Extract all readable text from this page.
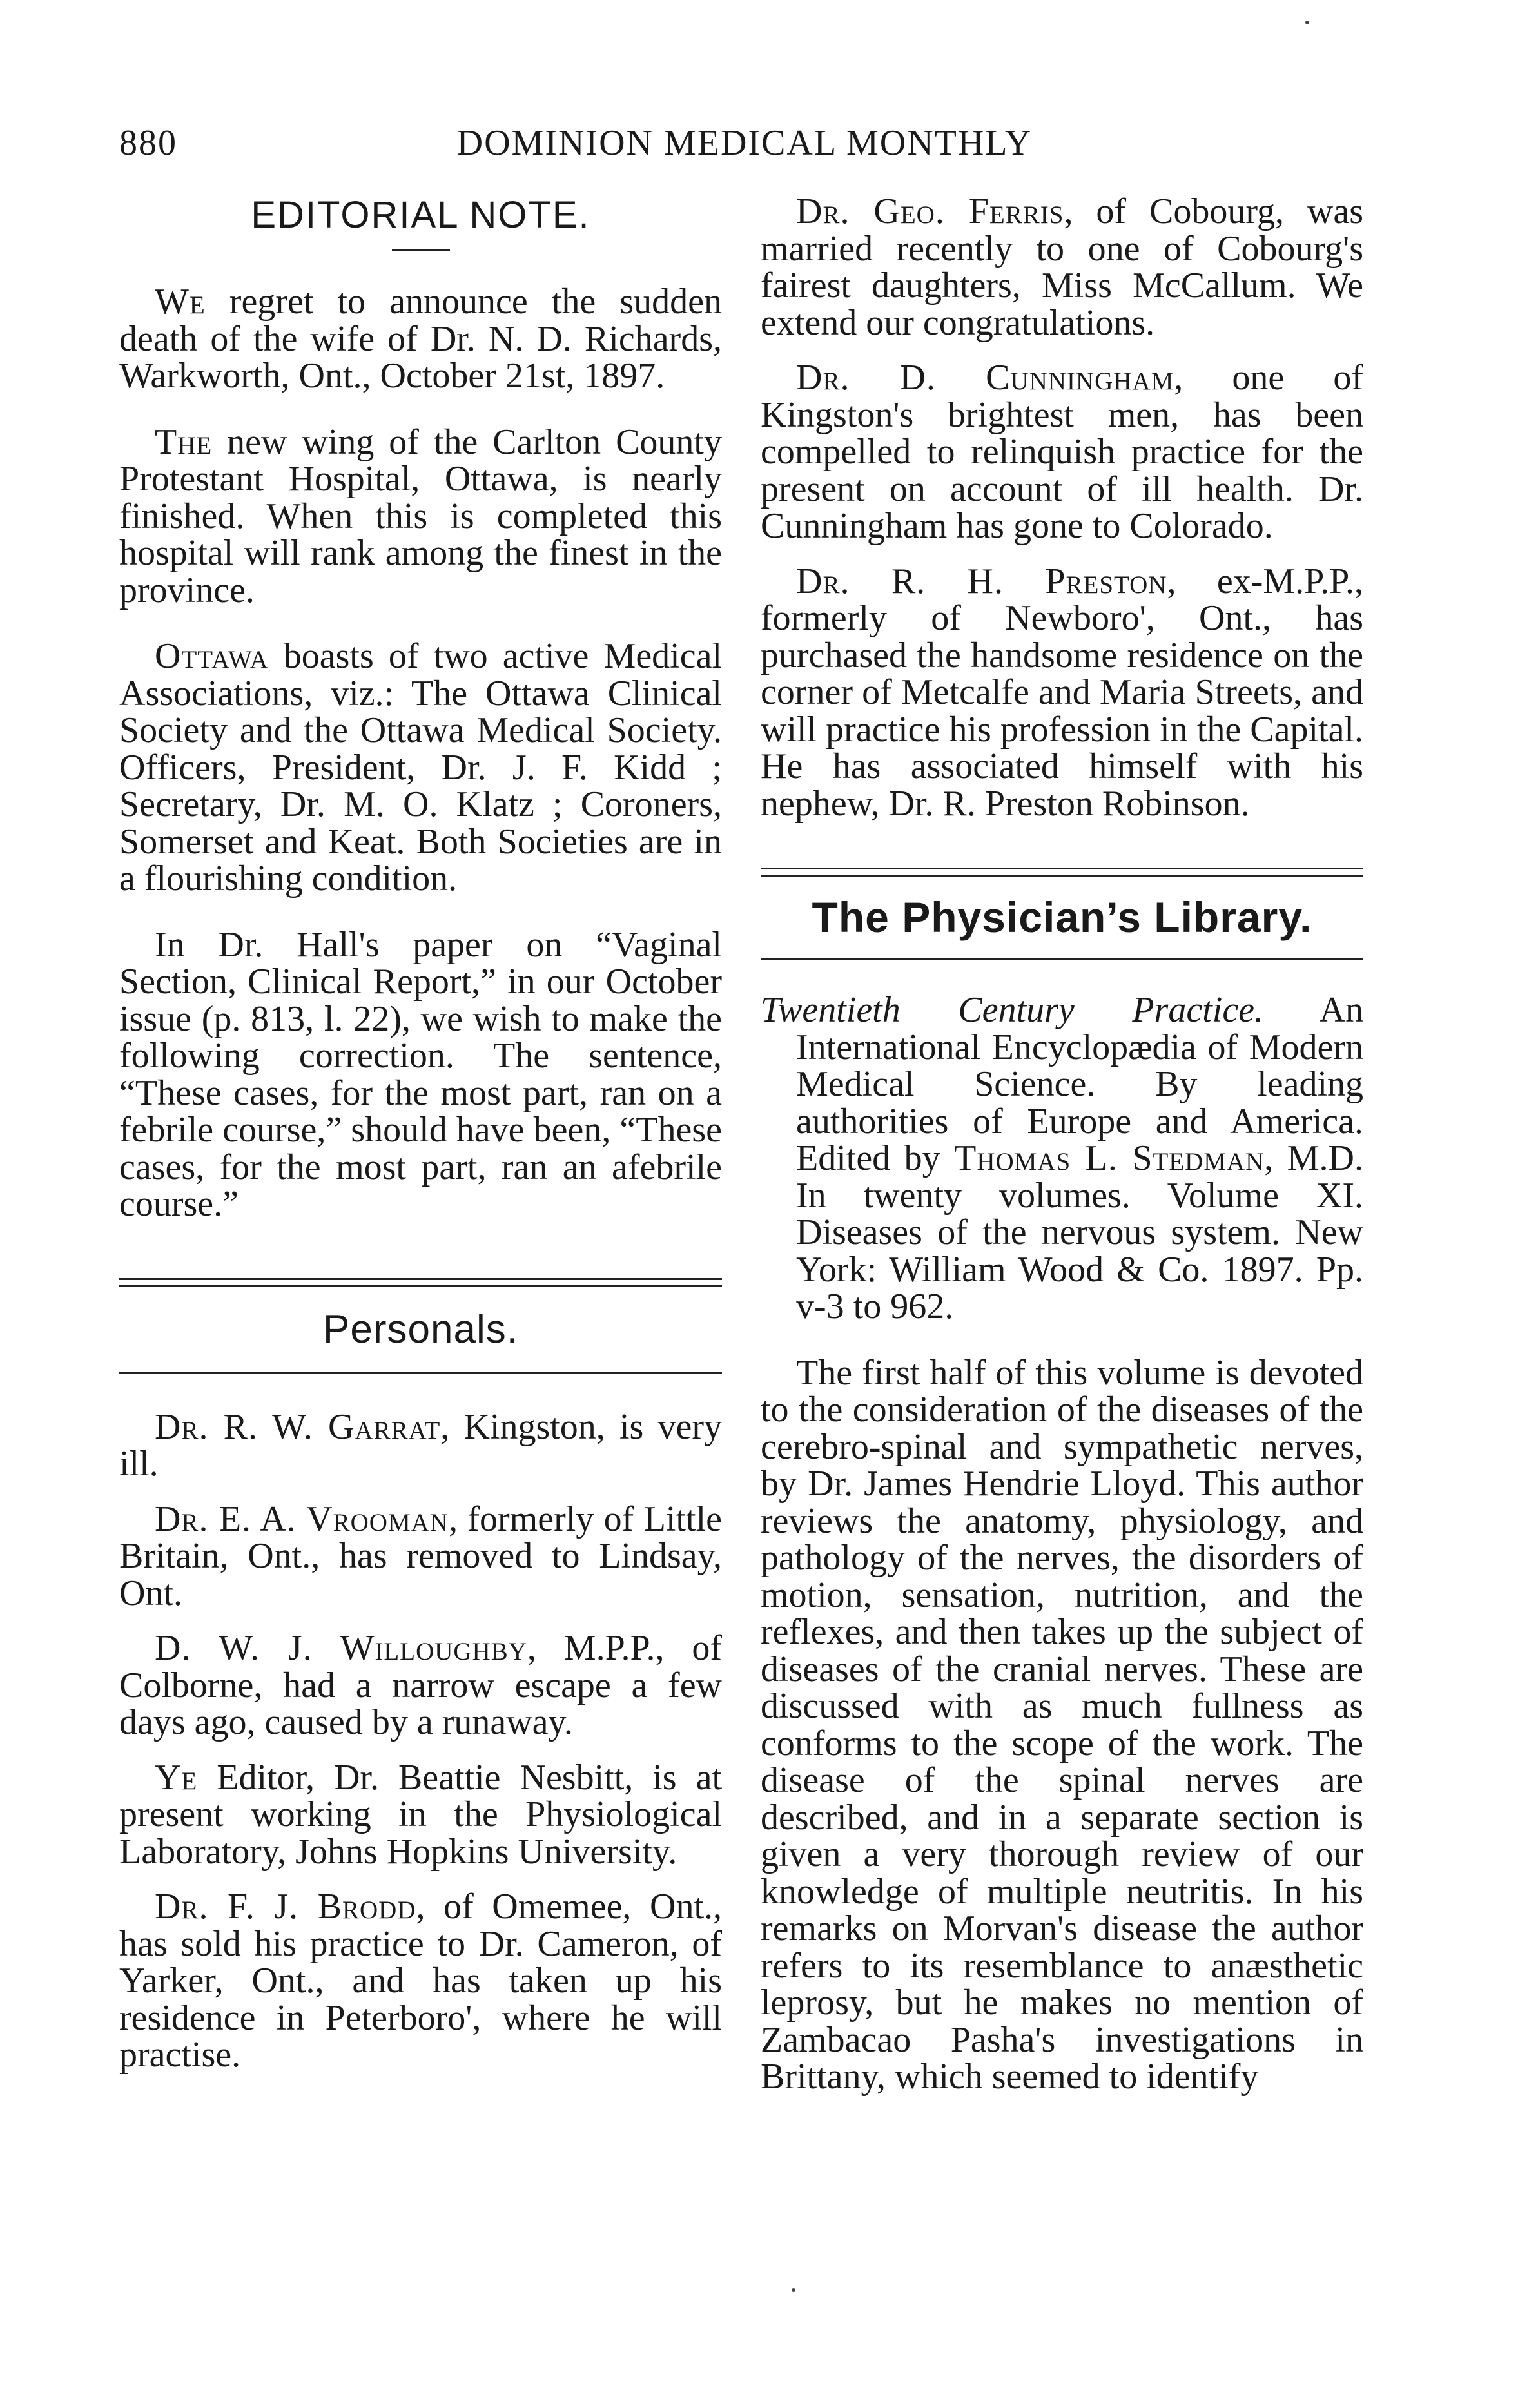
880	DOMINION MEDICAL MONTHLY
EDITORIAL NOTE.

We regret to announce the sudden death of the wife of Dr. N. D. Richards, Warkworth, Ont., October 21st, 1897.

The new wing of the Carlton County Protestant Hospital, Ottawa, is nearly finished. When this is completed this hospital will rank among the finest in the province.

Ottawa boasts of two active Medical Associations, viz.: The Ottawa Clinical Society and the Ottawa Medical Society. Officers, President, Dr. J. F. Kidd ; Secretary, Dr. M. O. Klatz ; Coroners, Somerset and Keat. Both Societies are in a flourishing condition.

In Dr. Hall's paper on “Vaginal Section, Clinical Report,” in our October issue (p. 813, l. 22), we wish to make the following correction. The sentence, “These cases, for the most part, ran on a febrile course,” should have been, “These cases, for the most part, ran an afebrile course.”

Personals.

Dr. R. W. Garrat, Kingston, is very ill.

Dr. E. A. Vrooman, formerly of Little Britain, Ont., has removed to Lindsay, Ont.

D. W. J. Willoughby, M.P.P., of Colborne, had a narrow escape a few days ago, caused by a runaway.

Ye Editor, Dr. Beattie Nesbitt, is at present working in the Physiological Laboratory, Johns Hopkins University.

Dr. F. J. Brodd, of Omemee, Ont., has sold his practice to Dr. Cameron, of Yarker, Ont., and has taken up his residence in Peterboro', where he will practise.

Dr. Geo. Ferris, of Cobourg, was married recently to one of Cobourg's fairest daughters, Miss McCallum. We extend our congratulations.

Dr. D. Cunningham, one of Kingston's brightest men, has been compelled to relinquish practice for the present on account of ill health. Dr. Cunningham has gone to Colorado.

Dr. R. H. Preston, ex-M.P.P., formerly of Newboro', Ont., has purchased the handsome residence on the corner of Metcalfe and Maria Streets, and will practice his profession in the Capital. He has associated himself with his nephew, Dr. R. Preston Robinson.

The Physician’s Library.

Twentieth Century Practice. An International Encyclopædia of Modern Medical Science. By leading authorities of Europe and America. Edited by Thomas L. Stedman, M.D. In twenty volumes. Volume XI. Diseases of the nervous system. New York: William Wood & Co. 1897. Pp. v-3 to 962.

The first half of this volume is devoted to the consideration of the diseases of the cerebro-spinal and sympathetic nerves, by Dr. James Hendrie Lloyd. This author reviews the anatomy, physiology, and pathology of the nerves, the disorders of motion, sensation, nutrition, and the reflexes, and then takes up the subject of diseases of the cranial nerves. These are discussed with as much fullness as conforms to the scope of the work. The disease of the spinal nerves are described, and in a separate section is given a very thorough review of our knowledge of multiple neutritis. In his remarks on Morvan's disease the author refers to its resemblance to anæsthetic leprosy, but he makes no mention of Zambacao Pasha's investigations in Brittany, which seemed to identify
